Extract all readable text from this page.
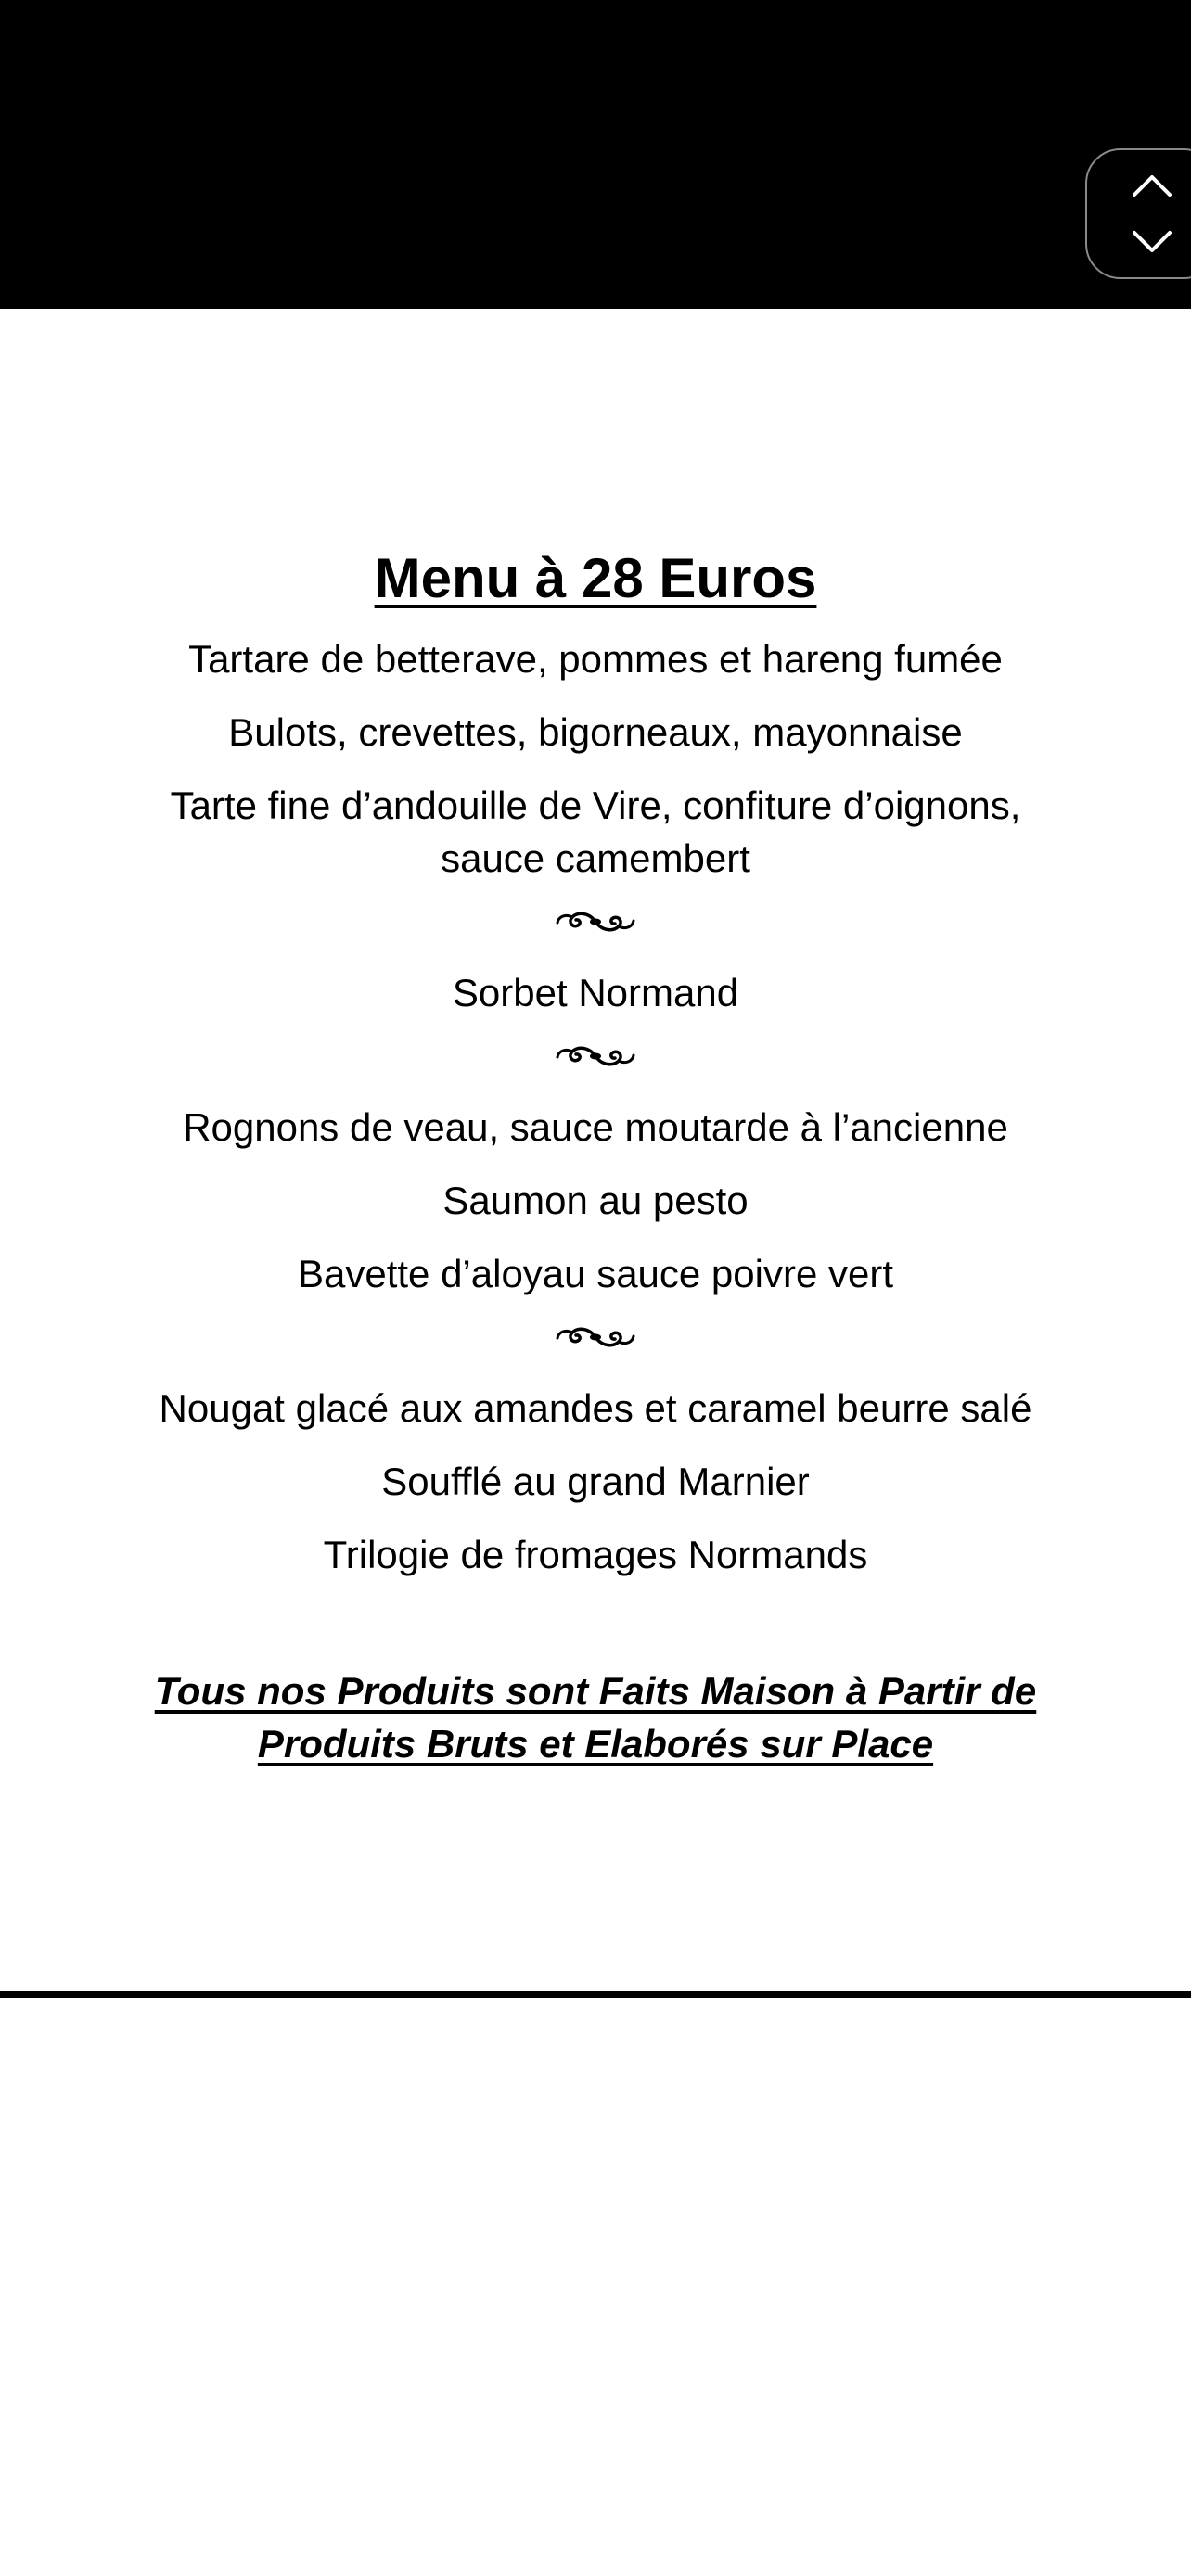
Menu à 28 Euros
Tartare de betterave, pommes et hareng fumée
Bulots, crevettes, bigorneaux, mayonnaise
Tarte fine d’andouille de Vire, confiture d’oignons, sauce camembert
Sorbet Normand
Rognons de veau, sauce moutarde à l’ancienne
Saumon au pesto
Bavette d’aloyau sauce poivre vert
Nougat glacé aux amandes et caramel beurre salé
Soufflé au grand Marnier
Trilogie de fromages Normands
Tous nos Produits sont Faits Maison à Partir de Produits Bruts et Elaborés sur Place
